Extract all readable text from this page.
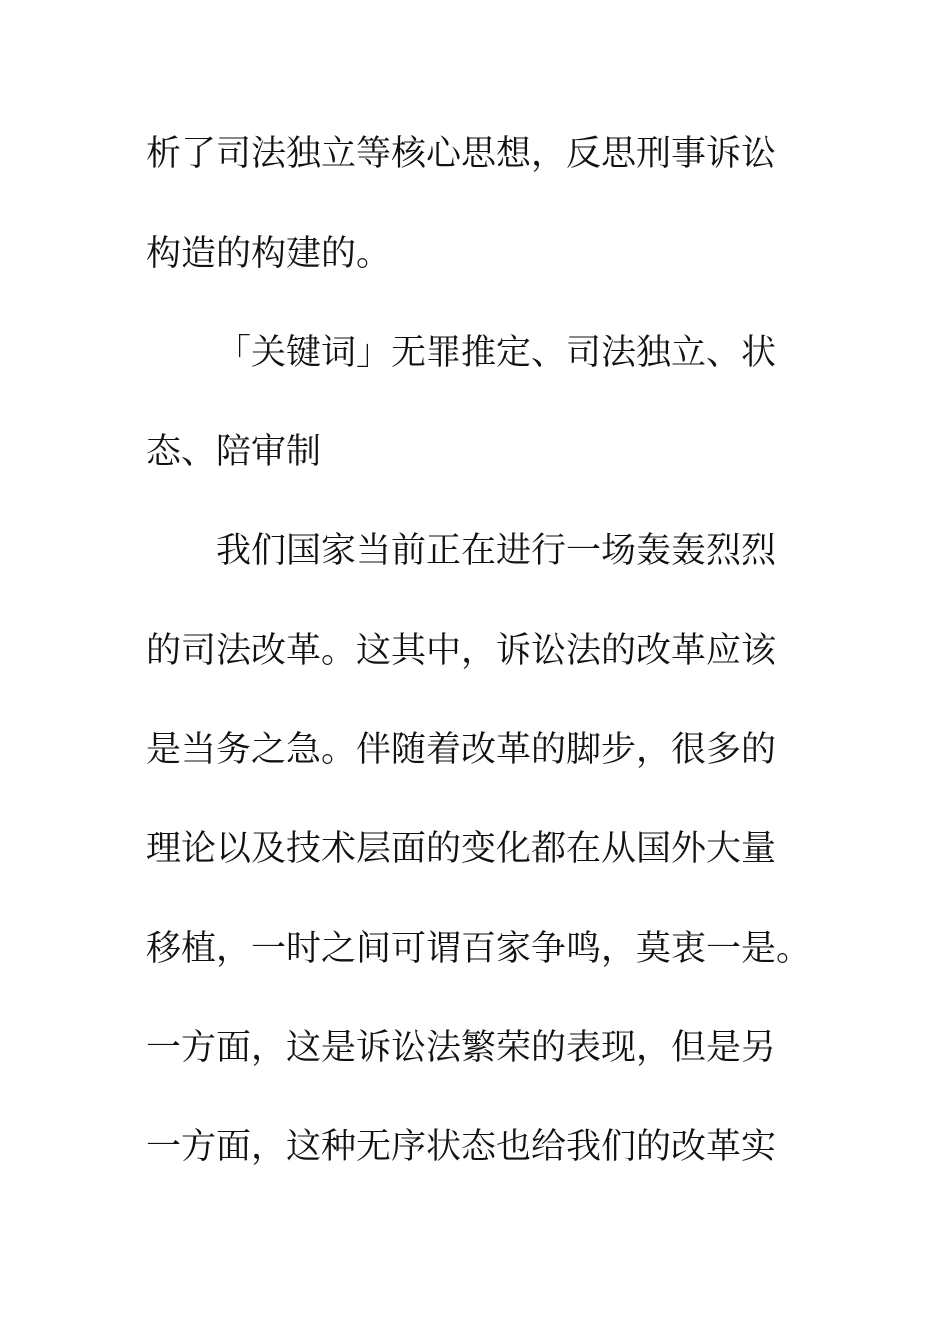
析了司法独立等核心思想，反思刑事诉讼
构造的构建的。
「关键词」无罪推定、司法独立、状
态、陪审制
我们国家当前正在进行一场轰轰烈烈
的司法改革。这其中，诉讼法的改革应该
是当务之急。伴随着改革的脚步，很多的
理论以及技术层面的变化都在从国外大量
移植，一时之间可谓百家争鸣，莫衷一是。
一方面，这是诉讼法繁荣的表现，但是另
一方面，这种无序状态也给我们的改革实
